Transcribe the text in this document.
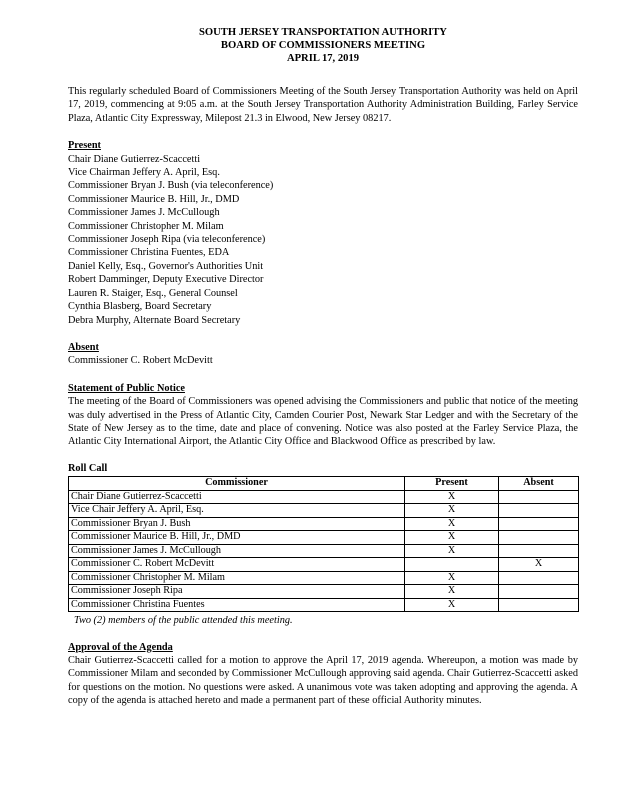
SOUTH JERSEY TRANSPORTATION AUTHORITY
BOARD OF COMMISSIONERS MEETING
APRIL 17, 2019

This regularly scheduled Board of Commissioners Meeting of the South Jersey Transportation Authority was held on April 17, 2019, commencing at 9:05 a.m. at the South Jersey Transportation Authority Administration Building, Farley Service Plaza, Atlantic City Expressway, Milepost 21.3 in Elwood, New Jersey 08217.

Present

Chair Diane Gutierrez-Scaccetti
Vice Chairman Jeffery A. April, Esq.
Commissioner Bryan J. Bush (via teleconference)
Commissioner Maurice B. Hill, Jr., DMD
Commissioner James J. McCullough
Commissioner Christopher M. Milam
Commissioner Joseph Ripa (via teleconference)
Commissioner Christina Fuentes, EDA
Daniel Kelly, Esq., Governor's Authorities Unit
Robert Damminger, Deputy Executive Director
Lauren R. Staiger, Esq., General Counsel
Cynthia Blasberg, Board Secretary
Debra Murphy, Alternate Board Secretary

Absent

Commissioner C. Robert McDevitt

Statement of Public Notice

The meeting of the Board of Commissioners was opened advising the Commissioners and public that notice of the meeting was duly advertised in the Press of Atlantic City, Camden Courier Post, Newark Star Ledger and with the Secretary of the State of New Jersey as to the time, date and place of convening. Notice was also posted at the Farley Service Plaza, the Atlantic City International Airport, the Atlantic City Office and Blackwood Office as prescribed by law.

Roll Call

Commissioner	Present	Absent
Chair Diane Gutierrez-Scaccetti	X	
Vice Chair Jeffery A. April, Esq.	X	
Commissioner Bryan J. Bush	X	
Commissioner Maurice B. Hill, Jr., DMD	X	
Commissioner James J. McCullough	X	
Commissioner C. Robert McDevitt		X
Commissioner Christopher M. Milam	X	
Commissioner Joseph Ripa	X	
Commissioner Christina Fuentes	X	

Two (2) members of the public attended this meeting.

Approval of the Agenda

Chair Gutierrez-Scaccetti called for a motion to approve the April 17, 2019 agenda. Whereupon, a motion was made by Commissioner Milam and seconded by Commissioner McCullough approving said agenda. Chair Gutierrez-Scaccetti asked for questions on the motion. No questions were asked. A unanimous vote was taken adopting and approving the agenda. A copy of the agenda is attached hereto and made a permanent part of these official Authority minutes.
